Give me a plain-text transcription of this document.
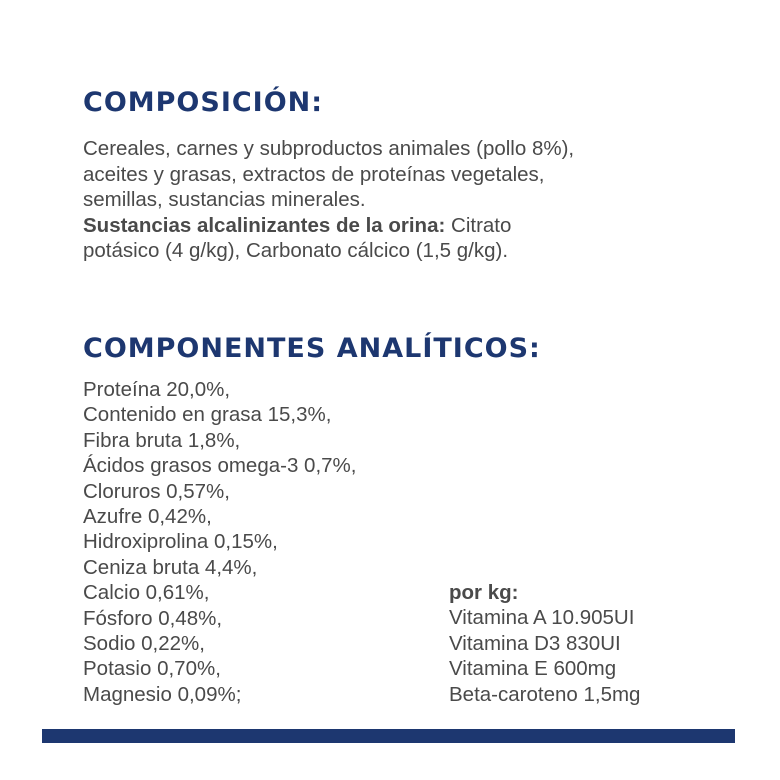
COMPOSICIÓN:
Cereales, carnes y subproductos animales (pollo 8%),
aceites y grasas, extractos de proteínas vegetales,
semillas, sustancias minerales.
Sustancias alcalinizantes de la orina: Citrato
potásico (4 g/kg), Carbonato cálcico (1,5 g/kg).
COMPONENTES ANALÍTICOS:
Proteína 20,0%,
Contenido en grasa 15,3%,
Fibra bruta 1,8%,
Ácidos grasos omega-3 0,7%,
Cloruros 0,57%,
Azufre 0,42%,
Hidroxiprolina 0,15%,
Ceniza bruta 4,4%,
Calcio 0,61%,
Fósforo 0,48%,
Sodio 0,22%,
Potasio 0,70%,
Magnesio 0,09%;
por kg:
Vitamina A 10.905UI
Vitamina D3 830UI
Vitamina E 600mg
Beta-caroteno 1,5mg
